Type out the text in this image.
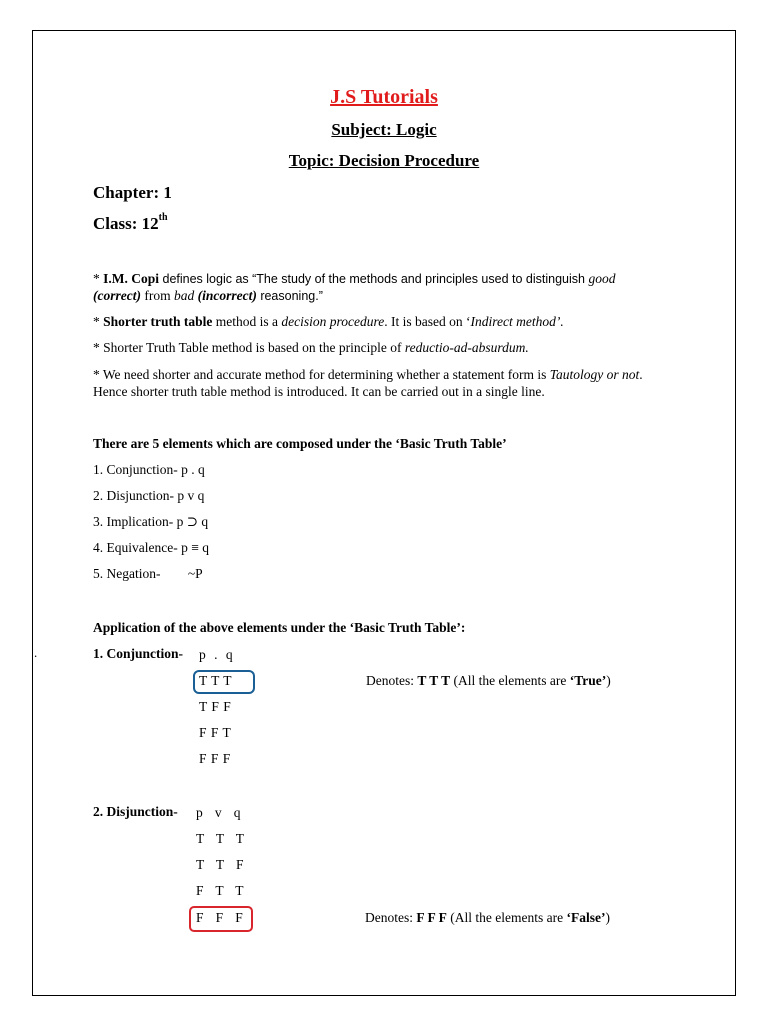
J.S Tutorials
Subject: Logic
Topic: Decision Procedure
Chapter: 1
Class: 12th
* I.M. Copi defines logic as “The study of the methods and principles used to distinguish good
(correct) from bad (incorrect) reasoning.”
* Shorter truth table method is a decision procedure. It is based on ‘Indirect method’.
* Shorter Truth Table method is based on the principle of reductio-ad-absurdum.
* We need shorter and accurate method for determining whether a statement form is Tautology or not.
Hence shorter truth table method is introduced. It can be carried out in a single line.
There are 5 elements which are composed under the ‘Basic Truth Table’
1. Conjunction- p . q
2. Disjunction- p v q
3. Implication- p ⊃ q
4. Equivalence- p ≡ q
5. Negation- ~P
Application of the above elements under the ‘Basic Truth Table’:
.	1. Conjunction- p . q
T T T
T F F
F F T
F F F
Denotes: T T T (All the elements are ‘True’)
2. Disjunction- p   v   q
T   T   T
T   T   F
F   T   T
F   F   F	Denotes: F F F (All the elements are ‘False’)
